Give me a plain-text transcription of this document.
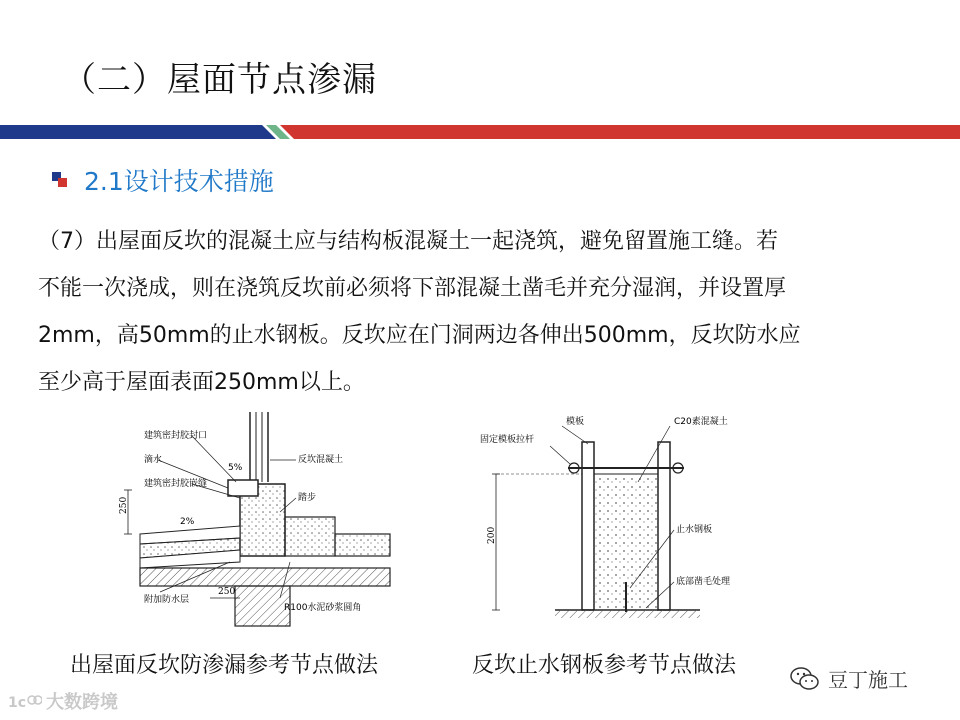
（二）屋面节点渗漏
2.1设计技术措施
（7）出屋面反坎的混凝土应与结构板混凝土一起浇筑，避免留置施工缝。若
不能一次浇成，则在浇筑反坎前必须将下部混凝土凿毛并充分湿润，并设置厚
2mm，高50mm的止水钢板。反坎应在门洞两边各伸出500mm，反坎防水应
至少高于屋面表面250mm以上。
250
250
建筑密封胶封口
滴水
建筑密封胶嵌缝
5%
反坎混凝土
踏步
2%
附加防水层
R100水泥砂浆圆角
出屋面反坎防渗漏参考节点做法
200
模板	C20素混凝土
固定模板拉杆
止水钢板
底部凿毛处理
反坎止水钢板参考节点做法
1c 大数跨境
豆丁施工
